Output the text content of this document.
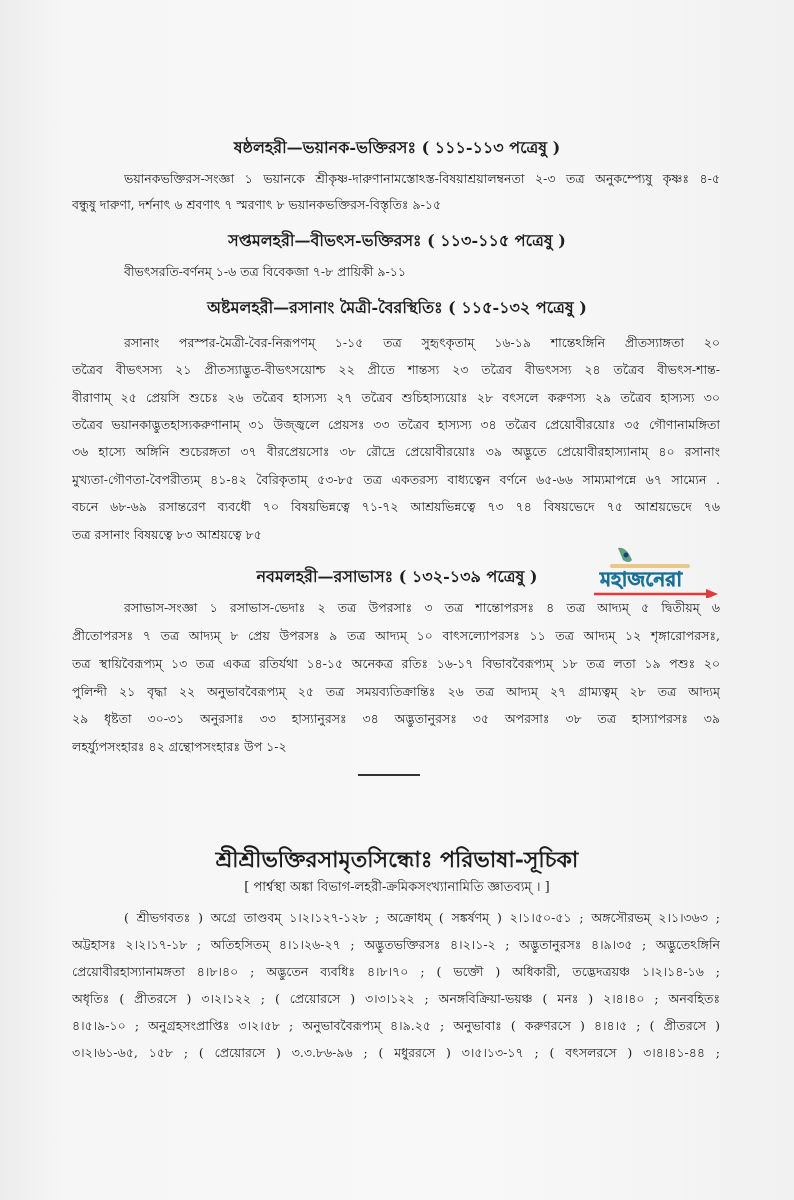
ষষ্ঠলহরী—ভয়ানক-ভক্তিরসঃ ( ১১১-১১৩ পত্রেষু )
ভয়ানকভক্তিরস-সংজ্ঞা ১ ভয়ানকে শ্রীকৃষ্ণ-দারুণানামস্তোঽস্ত-বিষয়াশ্রয়ালম্বনতা ২-৩ তত্র অনুকম্প্যেষু কৃষ্ণঃ ৪-৫
বন্ধুষু দারুণা, দর্শনাৎ ৬ শ্রবণাৎ ৭ স্মরণাৎ ৮ ভয়ানকভক্তিরস-বিস্তৃতিঃ ৯-১৫
সপ্তমলহরী—বীভৎস-ভক্তিরসঃ ( ১১৩-১১৫ পত্রেষু )
বীভৎসরতি-বর্ণনম্ ১-৬ তত্র বিবেকজা ৭-৮ প্রায়িকী ৯-১১
অষ্টমলহরী—রসানাং মৈত্রী-বৈরস্থিতিঃ ( ১১৫-১৩২ পত্রেষু )
রসানাং পরস্পর-মৈত্রী-বৈর-নিরূপণম্ ১-১৫ তত্র সুহৃৎকৃতাম্ ১৬-১৯ শান্তেঽঙ্গিনি প্রীতস্যাঙ্গতা ২০
তত্রৈব বীভৎসস্য ২১ প্রীতস্যাদ্ভুত-বীভৎসয়োশ্চ ২২ প্রীতে শান্তস্য ২৩ তত্রৈব বীভৎসস্য ২৪ তত্রৈব বীভৎস-শান্ত-
বীরাণাম্ ২৫ প্রেয়সি শুচেঃ ২৬ তত্রৈব হাস্যস্য ২৭ তত্রৈব শুচিহাস্যয়োঃ ২৮ বৎসলে করুণস্য ২৯ তত্রৈব হাস্যস্য ৩০
তত্রৈব ভয়ানকাদ্ভুতহাস্যকরুণানাম্ ৩১ উজ্জ্বলে প্রেয়সঃ ৩৩ তত্রৈব হাস্যস্য ৩৪ তত্রৈব প্রেয়োবীরয়োঃ ৩৫ গৌণানামঙ্গিতা
৩৬ হাস্যে অঙ্গিনি শুচেরঙ্গতা ৩৭ বীরপ্রেয়সোঃ ৩৮ রৌদ্রে প্রেয়োবীরয়োঃ ৩৯ অদ্ভুতে প্রেয়োবীরহাস্যানাম্ ৪০ রসানাং
মুখ্যতা-গৌণতা-বৈপরীত্যম্ ৪১-৪২ বৈরিকৃতাম্ ৫৩-৮৫ তত্র একতরস্য বাধ্যত্বেন বর্ণনে ৬৫-৬৬ সাম্যমাপন্নে ৬৭ সাম্যেন .
বচনে ৬৮-৬৯ রসান্তরেণ ব্যবধৌ ৭০ বিষয়ভিন্নত্বে ৭১-৭২ আশ্রয়ভিন্নত্বে ৭৩ ৭৪ বিষয়ভেদে ৭৫ আশ্রয়ভেদে ৭৬
তত্র রসানাং বিষয়ত্বে ৮৩ আশ্রয়ত্বে ৮৫
নবমলহরী—রসাভাসঃ ( ১৩২-১৩৯ পত্রেষু )
রসাভাস-সংজ্ঞা ১ রসাভাস-ভেদাঃ ২ তত্র উপরসাঃ ৩ তত্র শান্তোপরসঃ ৪ তত্র আদ্যম্ ৫ দ্বিতীয়ম্ ৬
প্রীতোপরসঃ ৭ তত্র আদ্যম্ ৮ প্রেয় উপরসঃ ৯ তত্র আদ্যম্ ১০ বাৎসল্যোপরসঃ ১১ তত্র আদ্যম্ ১২ শৃঙ্গারোপরসঃ,
তত্র স্থায়িবৈরূপ্যম্ ১৩ তত্র একত্র রতির্যথা ১৪-১৫ অনেকত্র রতিঃ ১৬-১৭ বিভাববৈরূপ্যম্ ১৮ তত্র লতা ১৯ পশুঃ ২০
পুলিন্দী ২১ বৃদ্ধা ২২ অনুভাববৈরূপ্যম্ ২৫ তত্র সময়ব্যতিক্রান্তিঃ ২৬ তত্র আদ্যম্ ২৭ গ্রাম্যত্বম্ ২৮ তত্র আদ্যম্
২৯ ধৃষ্টতা ৩০-৩১ অনুরসাঃ ৩৩ হাস্যানুরসঃ ৩৪ অদ্ভুতানুরসঃ ৩৫ অপরসাঃ ৩৮ তত্র হাস্যাপরসঃ ৩৯
লহর্য্যুপসংহারঃ ৪২ গ্রন্থোপসংহারঃ উপ ১-২
মহাজনেরা
শ্রীশ্রীভক্তিরসামৃতসিন্ধোঃ পরিভাষা-সূচিকা
[ পার্শ্বস্থা অঙ্কা বিভাগ-লহরী-ক্রমিকসংখ্যানামিতি জ্ঞাতব্যম্ । ]
( শ্রীভগবতঃ ) অগ্রে তাণ্ডবম্ ১।২।১২৭-১২৮ ; অক্রোধম্ ( সঙ্কর্ষণম্ ) ২।১।৫০-৫১ ; অঙ্গসৌরভম্ ২।১।৩৬৩ ;
অট্টহাসঃ ২।২।১৭-১৮ ; অতিহসিতম্ ৪।১।২৬-২৭ ; অদ্ভুতভক্তিরসঃ ৪।২।১-২ ; অদ্ভুতানুরসঃ ৪।৯।৩৫ ; অদ্ভুতেঽঙ্গিনি
প্রেয়োবীরহাস্যানামঙ্গতা ৪।৮।৪০ ; অদ্ভুতেন ব্যবধিঃ ৪।৮।৭০ ; ( ভক্তৌ ) অধিকারী, তদ্ভেদত্রয়ঞ্চ ১।২।১৪-১৬ ;
অধৃতিঃ ( প্রীতরসে ) ৩।২।১২২ ; ( প্রেয়োরসে ) ৩।৩।১২২ ; অনঙ্গবিক্রিয়া-ভয়ঞ্চ ( মনঃ ) ২।৪।৪০ ; অনবহিতঃ
৪।৫।৯-১০ ; অনুগ্রহসংপ্রাপ্তিঃ ৩।২।৫৮ ; অনুভাববৈরূপ্যম্ ৪।৯.২৫ ; অনুভাবাঃ ( করুণরসে ) ৪।৪।৫ ; ( প্রীতরসে )
৩।২।৬১-৬৫, ১৫৮ ; ( প্রেয়োরসে ) ৩.৩.৮৬-৯৬ ; ( মধুররসে ) ৩।৫।১৩-১৭ ; ( বৎসলরসে ) ৩।৪।৪১-৪৪ ;
